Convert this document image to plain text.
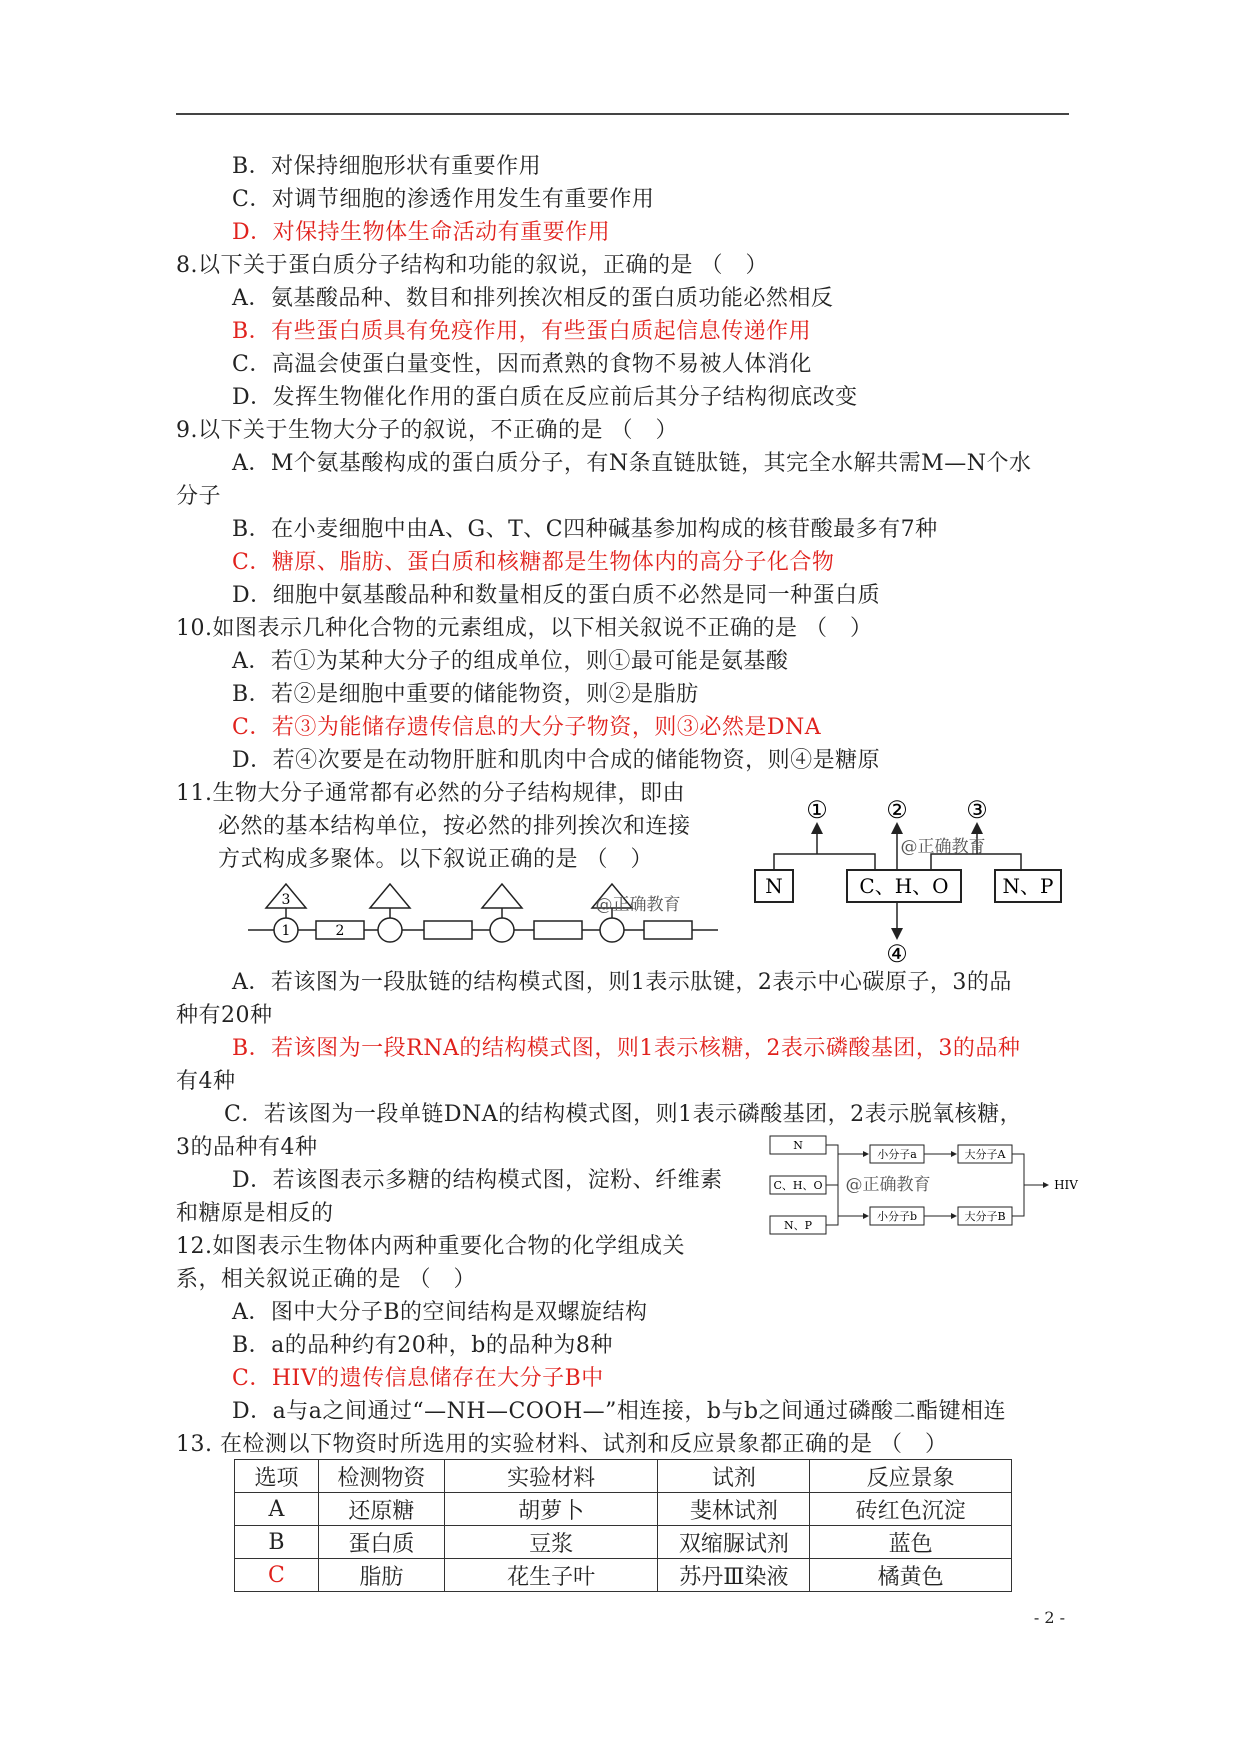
B．对保持细胞形状有重要作用
C．对调节细胞的渗透作用发生有重要作用
D．对保持生物体生命活动有重要作用
8.以下关于蛋白质分子结构和功能的叙说，正确的是 （　）
A．氨基酸品种、数目和排列挨次相反的蛋白质功能必然相反
B．有些蛋白质具有免疫作用，有些蛋白质起信息传递作用
C．高温会使蛋白量变性，因而煮熟的食物不易被人体消化
D．发挥生物催化作用的蛋白质在反应前后其分子结构彻底改变
9.以下关于生物大分子的叙说，不正确的是 （　）
A．M个氨基酸构成的蛋白质分子，有N条直链肽链，其完全水解共需M—N个水
分子
B．在小麦细胞中由A、G、T、C四种碱基参加构成的核苷酸最多有7种
C．糖原、脂肪、蛋白质和核糖都是生物体内的高分子化合物
D．细胞中氨基酸品种和数量相反的蛋白质不必然是同一种蛋白质
10.如图表示几种化合物的元素组成，以下相关叙说不正确的是 （　）
A．若①为某种大分子的组成单位，则①最可能是氨基酸
B．若②是细胞中重要的储能物资，则②是脂肪
C．若③为能储存遗传信息的大分子物资，则③必然是DNA
D．若④次要是在动物肝脏和肌肉中合成的储能物资，则④是糖原
11.生物大分子通常都有必然的分子结构规律，即由
必然的基本结构单位，按必然的排列挨次和连接
方式构成多聚体。以下叙说正确的是 （　）
A．若该图为一段肽链的结构模式图，则1表示肽键，2表示中心碳原子，3的品
种有20种
B．若该图为一段RNA的结构模式图，则1表示核糖，2表示磷酸基团，3的品种
有4种
C．若该图为一段单链DNA的结构模式图，则1表示磷酸基团，2表示脱氧核糖，
3的品种有4种
D．若该图表示多糖的结构模式图，淀粉、纤维素
和糖原是相反的
12.如图表示生物体内两种重要化合物的化学组成关
系，相关叙说正确的是 （　）
A．图中大分子B的空间结构是双螺旋结构
B．a的品种约有20种，b的品种为8种
C．HIV的遗传信息储存在大分子B中
D．a与a之间通过“—NH—COOH—”相连接，b与b之间通过磷酸二酯键相连
13. 在检测以下物资时所选用的实验材料、试剂和反应景象都正确的是 （　）
N	C、H、O	N、P
① ② ③
④
@正确教育
3
1	2
@正确教育
N
C、H、O
N、P
小分子a
小分子b
大分子A
大分子B
HIV
@正确教育
选项	检测物资	实验材料	试剂	反应景象
A	还原糖	胡萝卜	斐林试剂	砖红色沉淀
B	蛋白质	豆浆	双缩脲试剂	蓝色
C	脂肪	花生子叶	苏丹Ⅲ染液	橘黄色
- 2 -
